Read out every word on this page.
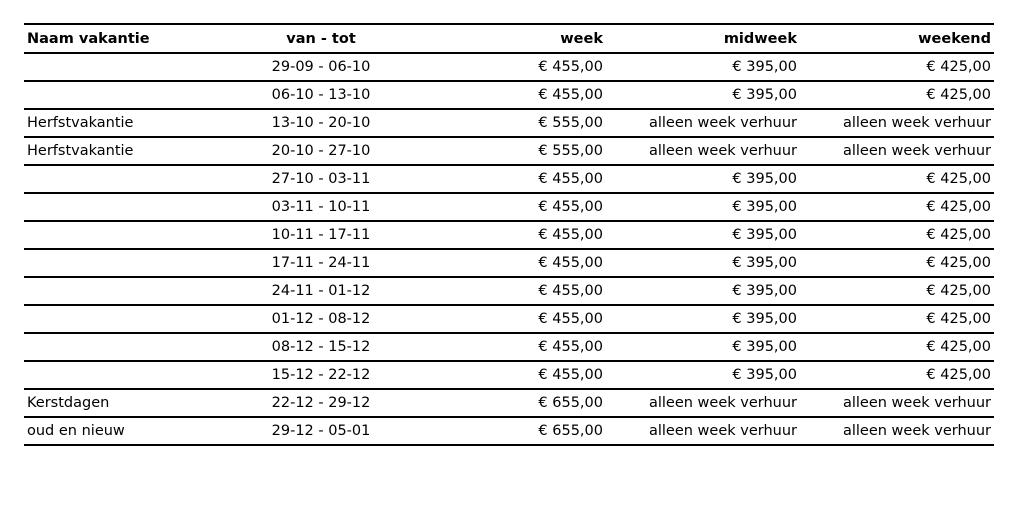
Naam vakantie	van - tot	week	midweek	weekend
	29-09 - 06-10	€ 455,00	€ 395,00	€ 425,00
	06-10 - 13-10	€ 455,00	€ 395,00	€ 425,00
Herfstvakantie	13-10 - 20-10	€ 555,00	alleen week verhuur	alleen week verhuur
Herfstvakantie	20-10 - 27-10	€ 555,00	alleen week verhuur	alleen week verhuur
	27-10 - 03-11	€ 455,00	€ 395,00	€ 425,00
	03-11 - 10-11	€ 455,00	€ 395,00	€ 425,00
	10-11 - 17-11	€ 455,00	€ 395,00	€ 425,00
	17-11 - 24-11	€ 455,00	€ 395,00	€ 425,00
	24-11 - 01-12	€ 455,00	€ 395,00	€ 425,00
	01-12 - 08-12	€ 455,00	€ 395,00	€ 425,00
	08-12 - 15-12	€ 455,00	€ 395,00	€ 425,00
	15-12 - 22-12	€ 455,00	€ 395,00	€ 425,00
Kerstdagen	22-12 - 29-12	€ 655,00	alleen week verhuur	alleen week verhuur
oud en nieuw	29-12 - 05-01	€ 655,00	alleen week verhuur	alleen week verhuur
